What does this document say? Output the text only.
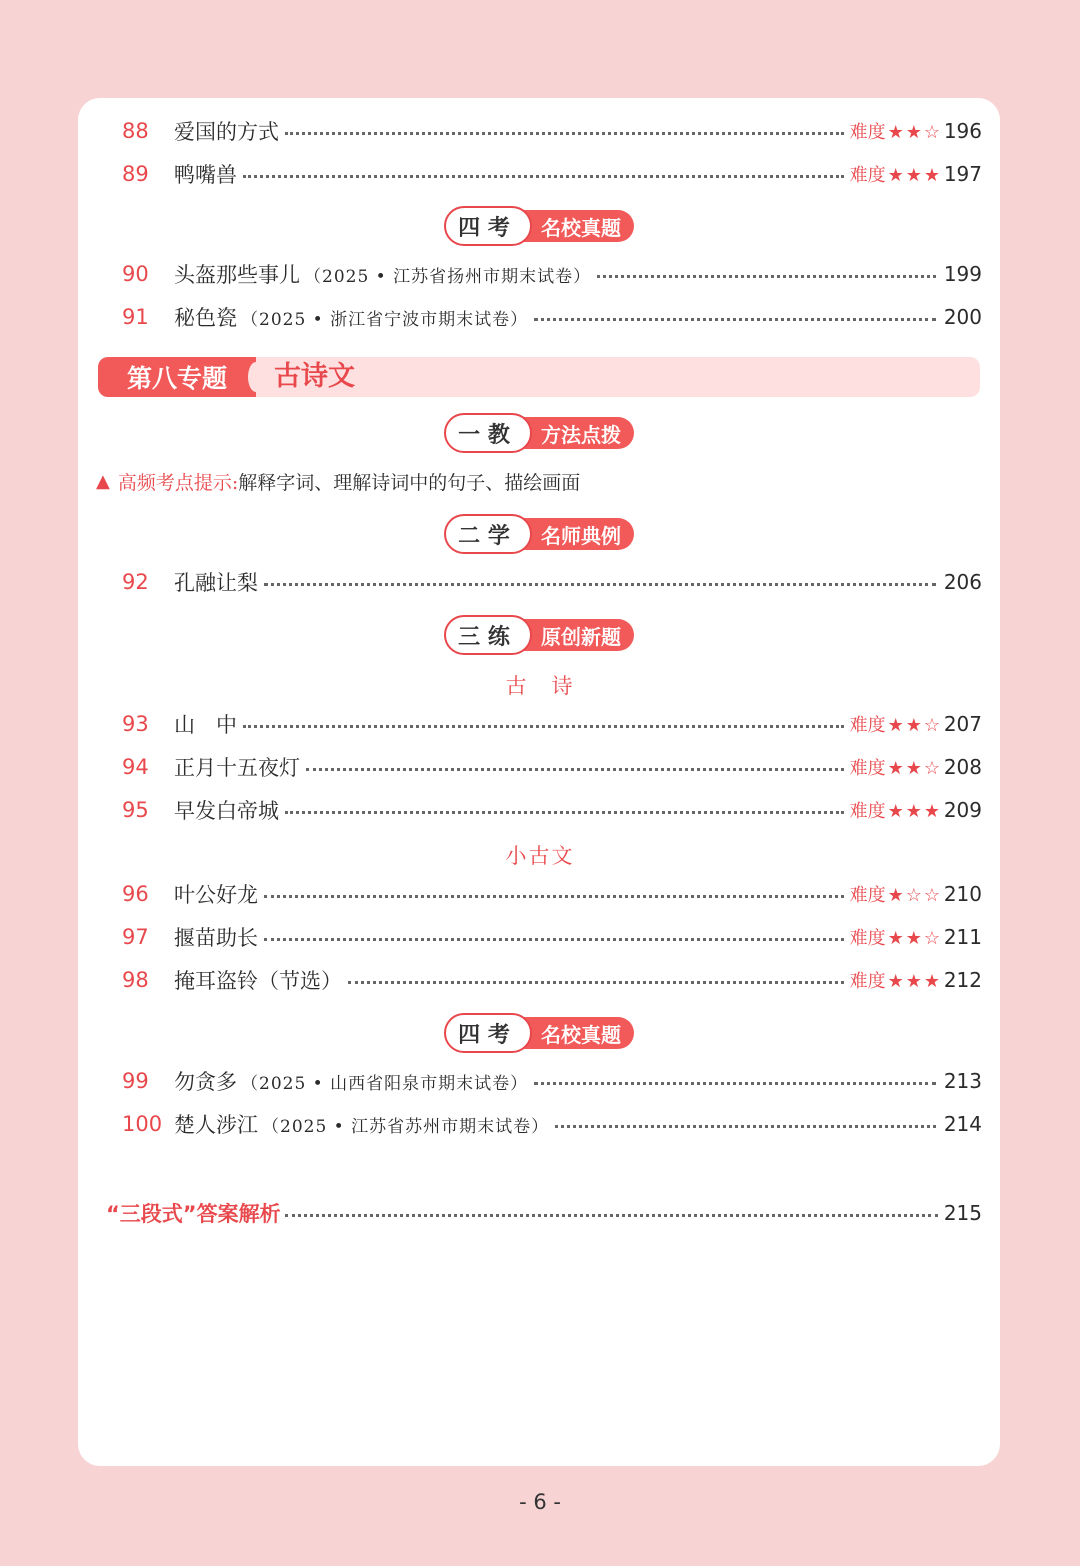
88	爱国的方式	难度 ★★☆ 196
89	鸭嘴兽	难度 ★★★ 197
名校真题
四 考
90	头盔那些事儿 （2025 • 江苏省扬州市期末试卷）	199
91	秘色瓷 （2025 • 浙江省宁波市期末试卷）	200
第八专题	古诗文
方法点拨
一 教
▲ 高频考点提示: 解释字词、理解诗词中的句子、描绘画面
名师典例
二 学
92	孔融让梨	206
原创新题
三 练
古　诗
93	山　中	难度 ★★☆ 207
94	正月十五夜灯	难度 ★★☆ 208
95	早发白帝城	难度 ★★★ 209
小古文
96	叶公好龙	难度 ★☆☆ 210
97	揠苗助长	难度 ★★☆ 211
98	掩耳盗铃（节选）	难度 ★★★ 212
名校真题
四 考
99	勿贪多 （2025 • 山西省阳泉市期末试卷）	213
100 楚人涉江 （2025 • 江苏省苏州市期末试卷）	214
“三段式”答案解析	215
- 6 -
